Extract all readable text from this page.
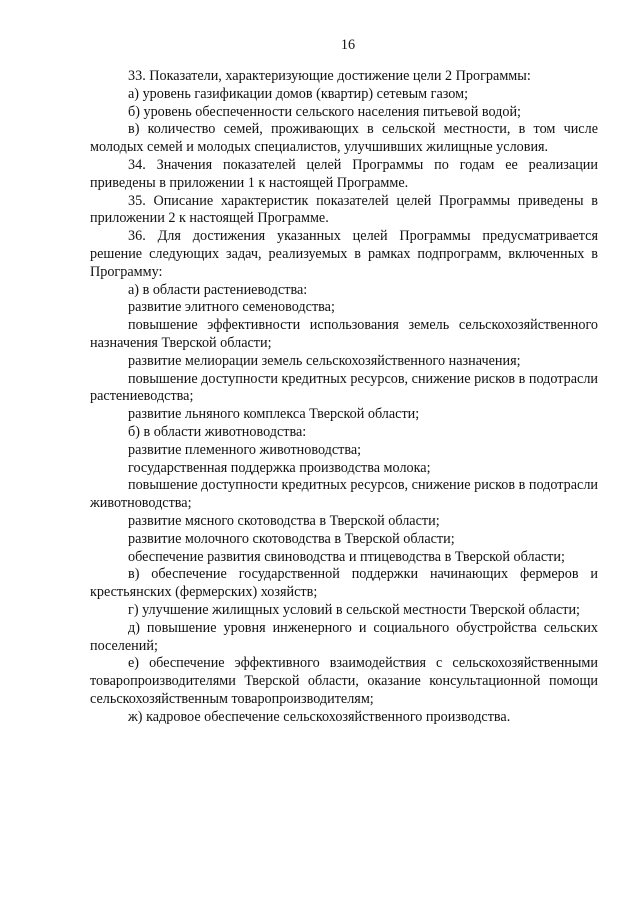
16

33. Показатели, характеризующие достижение цели 2 Программы:

а) уровень газификации домов (квартир) сетевым газом;

б) уровень обеспеченности сельского населения питьевой водой;

в) количество семей, проживающих в сельской местности, в том числе молодых семей и молодых специалистов, улучшивших жилищные условия.

34. Значения показателей целей Программы по годам ее реализации приведены в приложении 1 к настоящей Программе.

35. Описание характеристик показателей целей Программы приведены в приложении 2 к настоящей Программе.

36. Для достижения указанных целей Программы предусматривается решение следующих задач, реализуемых в рамках подпрограмм, включенных в Программу:

а) в области растениеводства:

развитие элитного семеноводства;

повышение эффективности использования земель сельскохозяйственного назначения Тверской области;

развитие мелиорации земель сельскохозяйственного назначения;

повышение доступности кредитных ресурсов, снижение рисков в подотрасли растениеводства;

развитие льняного комплекса Тверской области;

б) в области животноводства:

развитие племенного животноводства;

государственная поддержка производства молока;

повышение доступности кредитных ресурсов, снижение рисков в подотрасли животноводства;

развитие мясного скотоводства в Тверской области;

развитие молочного скотоводства в Тверской области;

обеспечение развития свиноводства и птицеводства в Тверской области;

в) обеспечение государственной поддержки начинающих фермеров и крестьянских (фермерских) хозяйств;

г) улучшение жилищных условий в сельской местности Тверской области;

д) повышение уровня инженерного и социального обустройства сельских поселений;

е) обеспечение эффективного взаимодействия с сельскохозяйственными товаропроизводителями Тверской области, оказание консультационной помощи сельскохозяйственным товаропроизводителям;

ж) кадровое обеспечение сельскохозяйственного производства.
